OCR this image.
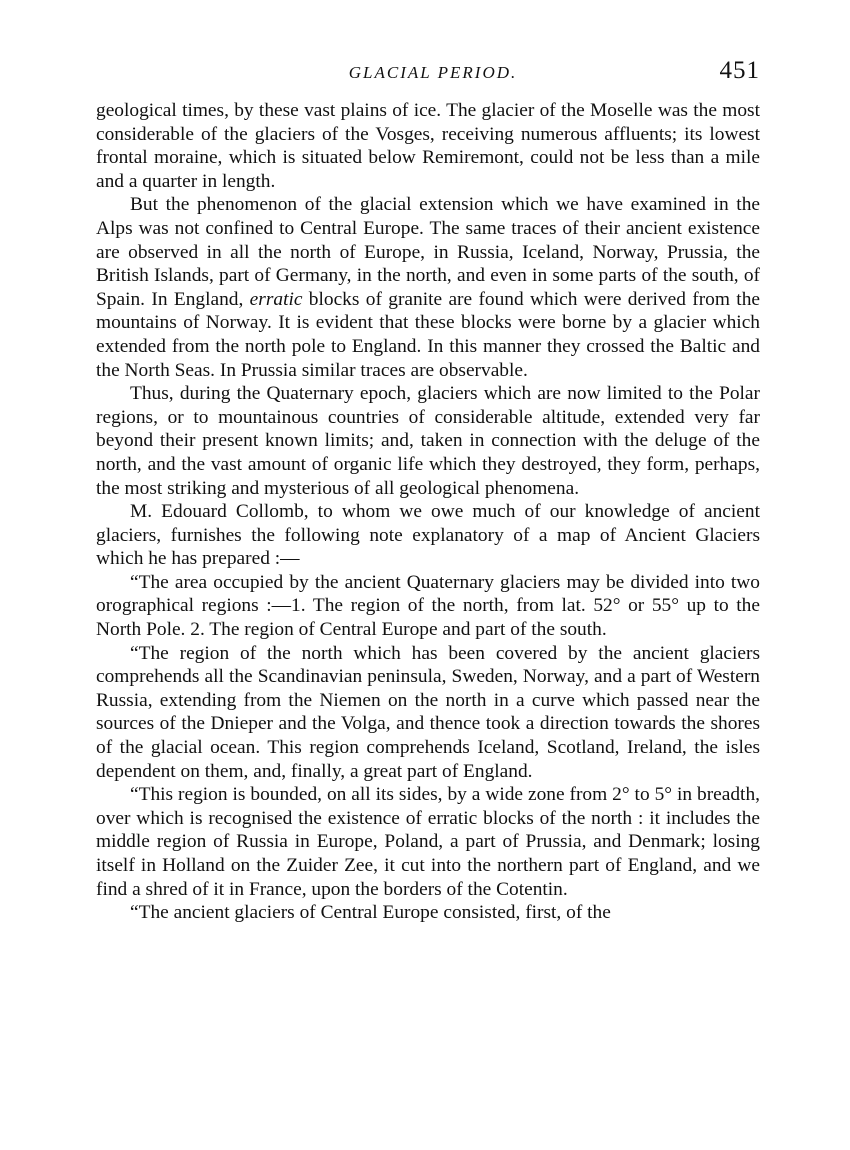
GLACIAL PERIOD.	451

geological times, by these vast plains of ice. The glacier of the Moselle was the most considerable of the glaciers of the Vosges, receiving numerous affluents; its lowest frontal moraine, which is situated below Remiremont, could not be less than a mile and a quarter in length.

But the phenomenon of the glacial extension which we have examined in the Alps was not confined to Central Europe. The same traces of their ancient existence are observed in all the north of Europe, in Russia, Iceland, Norway, Prussia, the British Islands, part of Germany, in the north, and even in some parts of the south, of Spain. In England, erratic blocks of granite are found which were derived from the mountains of Norway. It is evident that these blocks were borne by a glacier which extended from the north pole to England. In this manner they crossed the Baltic and the North Seas. In Prussia similar traces are observable.

Thus, during the Quaternary epoch, glaciers which are now limited to the Polar regions, or to mountainous countries of considerable altitude, extended very far beyond their present known limits; and, taken in connection with the deluge of the north, and the vast amount of organic life which they destroyed, they form, perhaps, the most striking and mysterious of all geological phenomena.

M. Edouard Collomb, to whom we owe much of our knowledge of ancient glaciers, furnishes the following note explanatory of a map of Ancient Glaciers which he has prepared :—

“The area occupied by the ancient Quaternary glaciers may be divided into two orographical regions :—1. The region of the north, from lat. 52° or 55° up to the North Pole. 2. The region of Central Europe and part of the south.

“The region of the north which has been covered by the ancient glaciers comprehends all the Scandinavian peninsula, Sweden, Norway, and a part of Western Russia, extending from the Niemen on the north in a curve which passed near the sources of the Dnieper and the Volga, and thence took a direction towards the shores of the glacial ocean. This region comprehends Iceland, Scotland, Ireland, the isles dependent on them, and, finally, a great part of England.

“This region is bounded, on all its sides, by a wide zone from 2° to 5° in breadth, over which is recognised the existence of erratic blocks of the north : it includes the middle region of Russia in Europe, Poland, a part of Prussia, and Denmark; losing itself in Holland on the Zuider Zee, it cut into the northern part of England, and we find a shred of it in France, upon the borders of the Cotentin.

“The ancient glaciers of Central Europe consisted, first, of the
